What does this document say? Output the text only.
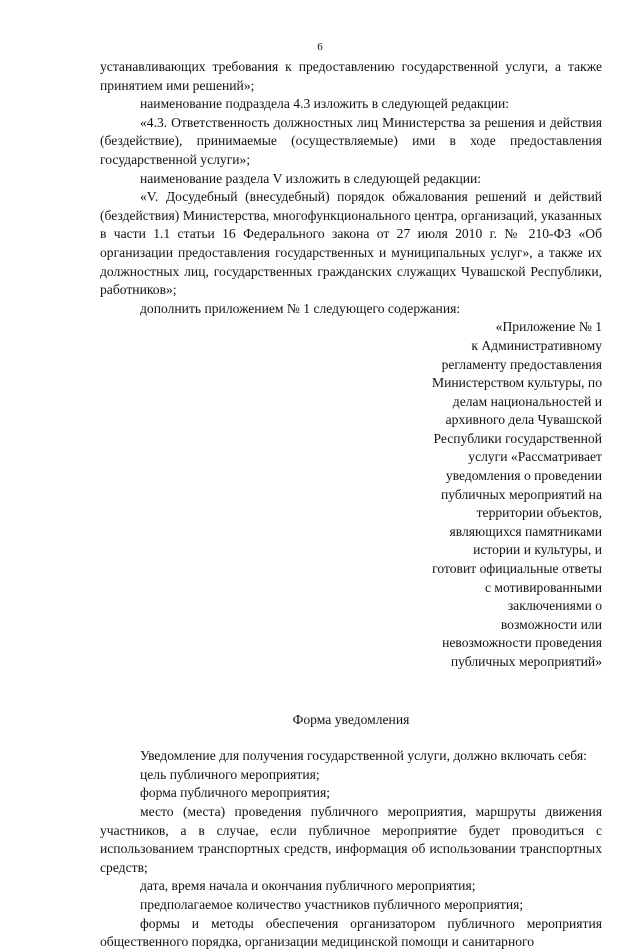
6

устанавливающих требования к предоставлению государственной услуги, а также принятием ими решений»;

наименование подраздела 4.3 изложить в следующей редакции:

«4.3. Ответственность должностных лиц Министерства за решения и действия (бездействие), принимаемые (осуществляемые) ими в ходе предоставления государственной услуги»;

наименование раздела V изложить в следующей редакции:

«V. Досудебный (внесудебный) порядок обжалования решений и действий (бездействия) Министерства, многофункционального центра, организаций, указанных в части 1.1 статьи 16 Федерального закона от 27 июля 2010 г. № 210-ФЗ «Об организации предоставления государственных и муниципальных услуг», а также их должностных лиц, государственных гражданских служащих Чувашской Республики, работников»;

дополнить приложением № 1 следующего содержания:

«Приложение № 1
к Административному
регламенту предоставления
Министерством культуры, по
делам национальностей и
архивного дела Чувашской
Республики государственной
услуги «Рассматривает
уведомления о проведении
публичных мероприятий на
территории объектов,
являющихся памятниками
истории и культуры, и
готовит официальные ответы
с мотивированными
заключениями о
возможности или
невозможности проведения
публичных мероприятий»

Форма уведомления

Уведомление для получения государственной услуги, должно включать себя:

цель публичного мероприятия;

форма публичного мероприятия;

место (места) проведения публичного мероприятия, маршруты движения участников, а в случае, если публичное мероприятие будет проводиться с использованием транспортных средств, информация об использовании транспортных средств;

дата, время начала и окончания публичного мероприятия;

предполагаемое количество участников публичного мероприятия;

формы и методы обеспечения организатором публичного мероприятия общественного порядка, организации медицинской помощи и санитарного
